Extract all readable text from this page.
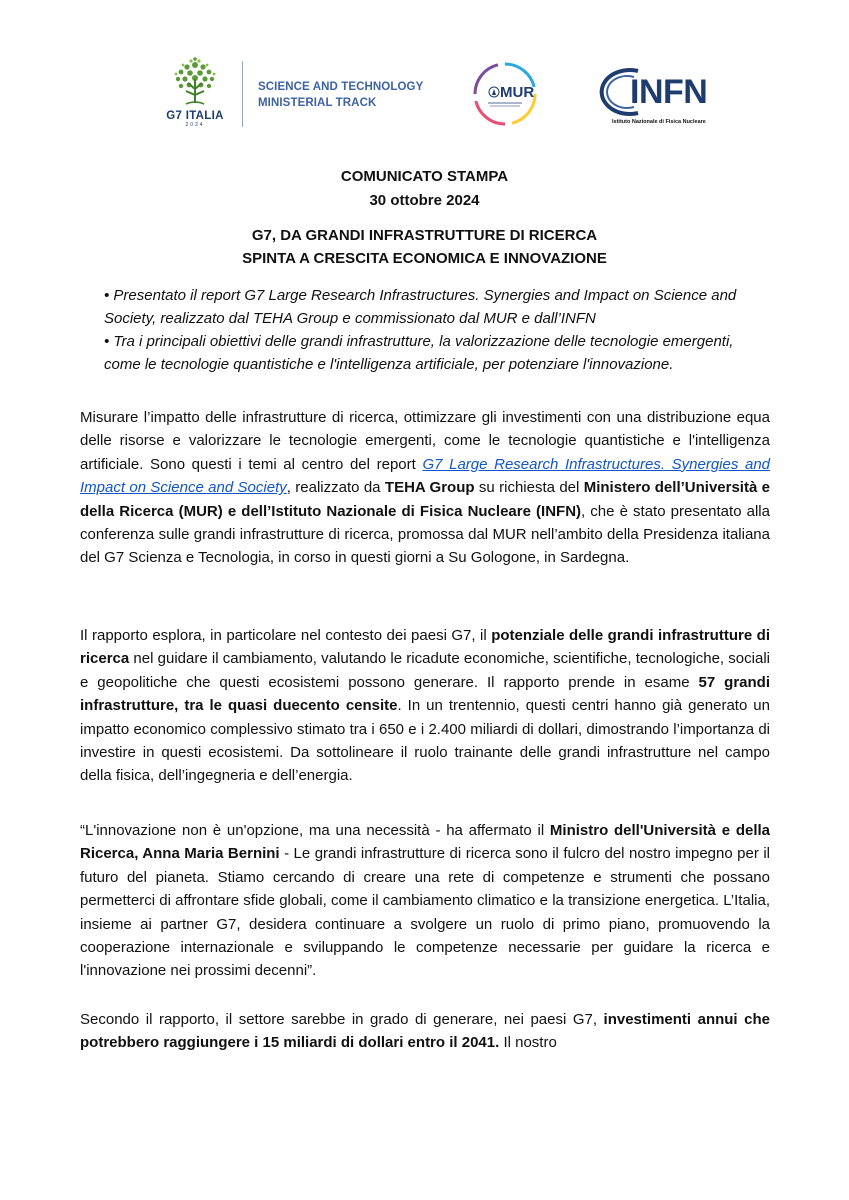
G7 ITALIA
2024
SCIENCE AND TECHNOLOGY
MINISTERIAL TRACK
MUR	INFN
Istituto Nazionale di Fisica Nucleare
COMUNICATO STAMPA
30 ottobre 2024
G7, DA GRANDI INFRASTRUTTURE DI RICERCA
SPINTA A CRESCITA ECONOMICA E INNOVAZIONE

• Presentato il report G7 Large Research Infrastructures. Synergies and Impact on Science and Society, realizzato dal TEHA Group e commissionato dal MUR e dall’INFN

• Tra i principali obiettivi delle grandi infrastrutture, la valorizzazione delle tecnologie emergenti, come le tecnologie quantistiche e l'intelligenza artificiale, per potenziare l'innovazione.

Misurare l’impatto delle infrastrutture di ricerca, ottimizzare gli investimenti con una distribuzione equa delle risorse e valorizzare le tecnologie emergenti, come le tecnologie quantistiche e l'intelligenza artificiale. Sono questi i temi al centro del report G7 Large Research Infrastructures. Synergies and Impact on Science and Society, realizzato da TEHA Group su richiesta del Ministero dell’Università e della Ricerca (MUR) e dell’Istituto Nazionale di Fisica Nucleare (INFN), che è stato presentato alla conferenza sulle grandi infrastrutture di ricerca, promossa dal MUR nell’ambito della Presidenza italiana del G7 Scienza e Tecnologia, in corso in questi giorni a Su Gologone, in Sardegna.

Il rapporto esplora, in particolare nel contesto dei paesi G7, il potenziale delle grandi infrastrutture di ricerca nel guidare il cambiamento, valutando le ricadute economiche, scientifiche, tecnologiche, sociali e geopolitiche che questi ecosistemi possono generare. Il rapporto prende in esame 57 grandi infrastrutture, tra le quasi duecento censite. In un trentennio, questi centri hanno già generato un impatto economico complessivo stimato tra i 650 e i 2.400 miliardi di dollari, dimostrando l’importanza di investire in questi ecosistemi. Da sottolineare il ruolo trainante delle grandi infrastrutture nel campo della fisica, dell’ingegneria e dell’energia.

“L'innovazione non è un'opzione, ma una necessità - ha affermato il Ministro dell'Università e della Ricerca, Anna Maria Bernini - Le grandi infrastrutture di ricerca sono il fulcro del nostro impegno per il futuro del pianeta. Stiamo cercando di creare una rete di competenze e strumenti che possano permetterci di affrontare sfide globali, come il cambiamento climatico e la transizione energetica. L’Italia, insieme ai partner G7, desidera continuare a svolgere un ruolo di primo piano, promuovendo la cooperazione internazionale e sviluppando le competenze necessarie per guidare la ricerca e l'innovazione nei prossimi decenni”.

Secondo il rapporto, il settore sarebbe in grado di generare, nei paesi G7, investimenti annui che potrebbero raggiungere i 15 miliardi di dollari entro il 2041. Il nostro
